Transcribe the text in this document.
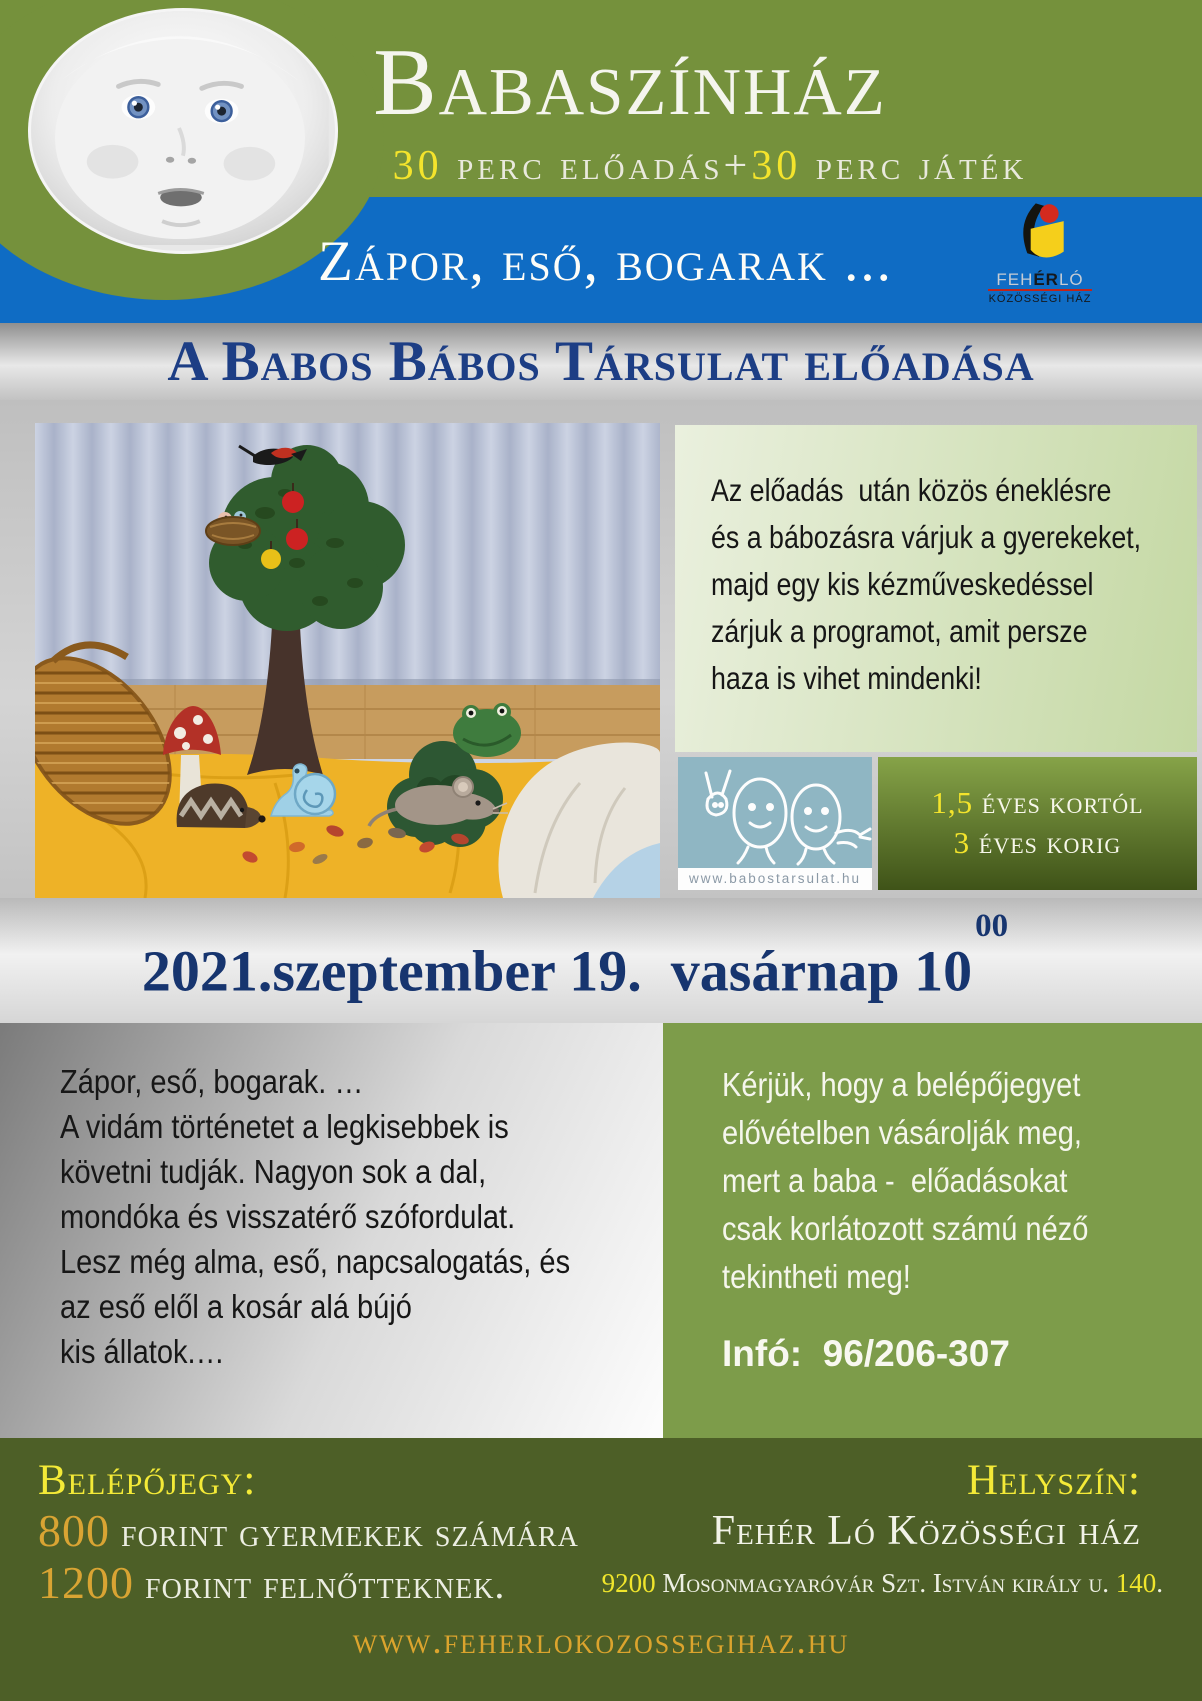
Babaszínház
30 perc előadás+30 perc játék
Zápor, eső, bogarak ...	FEHÉRLÓ
KÖZÖSSÉGI HÁZ
A Babos Bábos Társulat előadása
Az előadás  után közös éneklésre
és a bábozásra várjuk a gyerekeket,
majd egy kis kézműveskedéssel
zárjuk a programot, amit persze
haza is vihet mindenki!
www.babostarsulat.hu
1,5 éves kortól
3 éves korig
2021.szeptember 19.  vasárnap $10^{00}$
Zápor, eső, bogarak. …
A vidám történetet a legkisebbek is
követni tudják. Nagyon sok a dal,
mondóka és visszatérő szófordulat.
Lesz még alma, eső, napcsalogatás, és
az eső elől a kosár alá bújó
kis állatok.…
Kérjük, hogy a belépőjegyet
elővételben vásárolják meg,
mert a baba -  előadásokat
csak korlátozott számú néző
tekintheti meg!
Infó:  96/206-307
Belépőjegy:
800 forint gyermekek számára
1200 forint felnőtteknek.
Helyszín:
Fehér Ló Közösségi ház
9200 Mosonmagyaróvár Szt. István király u. 140.
www.feherlokozossegihaz.hu
